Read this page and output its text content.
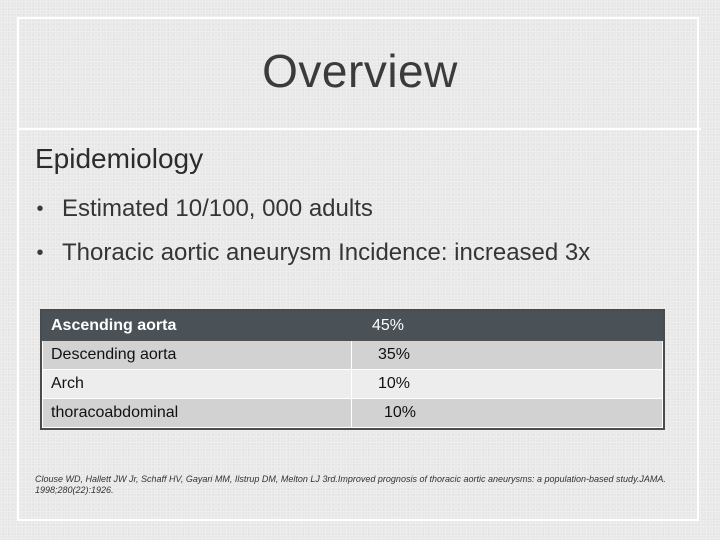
Overview
Epidemiology
• Estimated 10/100, 000 adults
• Thoracic aortic aneurysm Incidence: increased 3x
Ascending aorta	45%
Descending aorta	35%
Arch	10%
thoracoabdominal	10%
Clouse WD, Hallett JW Jr, Schaff HV, Gayari MM, Ilstrup DM, Melton LJ 3rd.Improved prognosis of thoracic aortic aneurysms: a population-based study.JAMA. 1998;280(22):1926.
